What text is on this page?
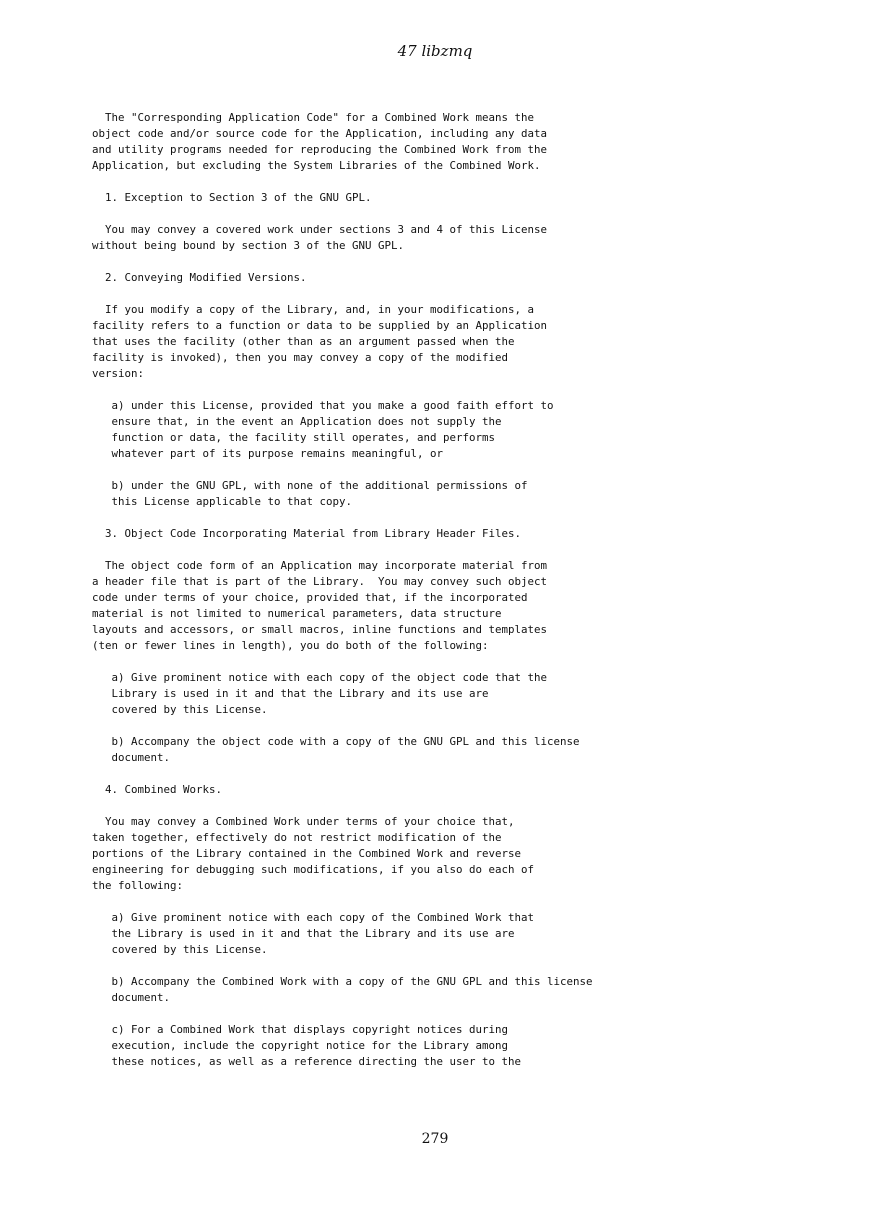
47 libzmq
The "Corresponding Application Code" for a Combined Work means the
object code and/or source code for the Application, including any data
and utility programs needed for reproducing the Combined Work from the
Application, but excluding the System Libraries of the Combined Work.
1. Exception to Section 3 of the GNU GPL.
You may convey a covered work under sections 3 and 4 of this License
without being bound by section 3 of the GNU GPL.
2. Conveying Modified Versions.
If you modify a copy of the Library, and, in your modifications, a
facility refers to a function or data to be supplied by an Application
that uses the facility (other than as an argument passed when the
facility is invoked), then you may convey a copy of the modified
version:
a) under this License, provided that you make a good faith effort to
ensure that, in the event an Application does not supply the
function or data, the facility still operates, and performs
whatever part of its purpose remains meaningful, or
b) under the GNU GPL, with none of the additional permissions of
this License applicable to that copy.
3. Object Code Incorporating Material from Library Header Files.
The object code form of an Application may incorporate material from
a header file that is part of the Library.  You may convey such object
code under terms of your choice, provided that, if the incorporated
material is not limited to numerical parameters, data structure
layouts and accessors, or small macros, inline functions and templates
(ten or fewer lines in length), you do both of the following:
a) Give prominent notice with each copy of the object code that the
Library is used in it and that the Library and its use are
covered by this License.
b) Accompany the object code with a copy of the GNU GPL and this license
document.
4. Combined Works.
You may convey a Combined Work under terms of your choice that,
taken together, effectively do not restrict modification of the
portions of the Library contained in the Combined Work and reverse
engineering for debugging such modifications, if you also do each of
the following:
a) Give prominent notice with each copy of the Combined Work that
the Library is used in it and that the Library and its use are
covered by this License.
b) Accompany the Combined Work with a copy of the GNU GPL and this license
document.
c) For a Combined Work that displays copyright notices during
execution, include the copyright notice for the Library among
these notices, as well as a reference directing the user to the
279
